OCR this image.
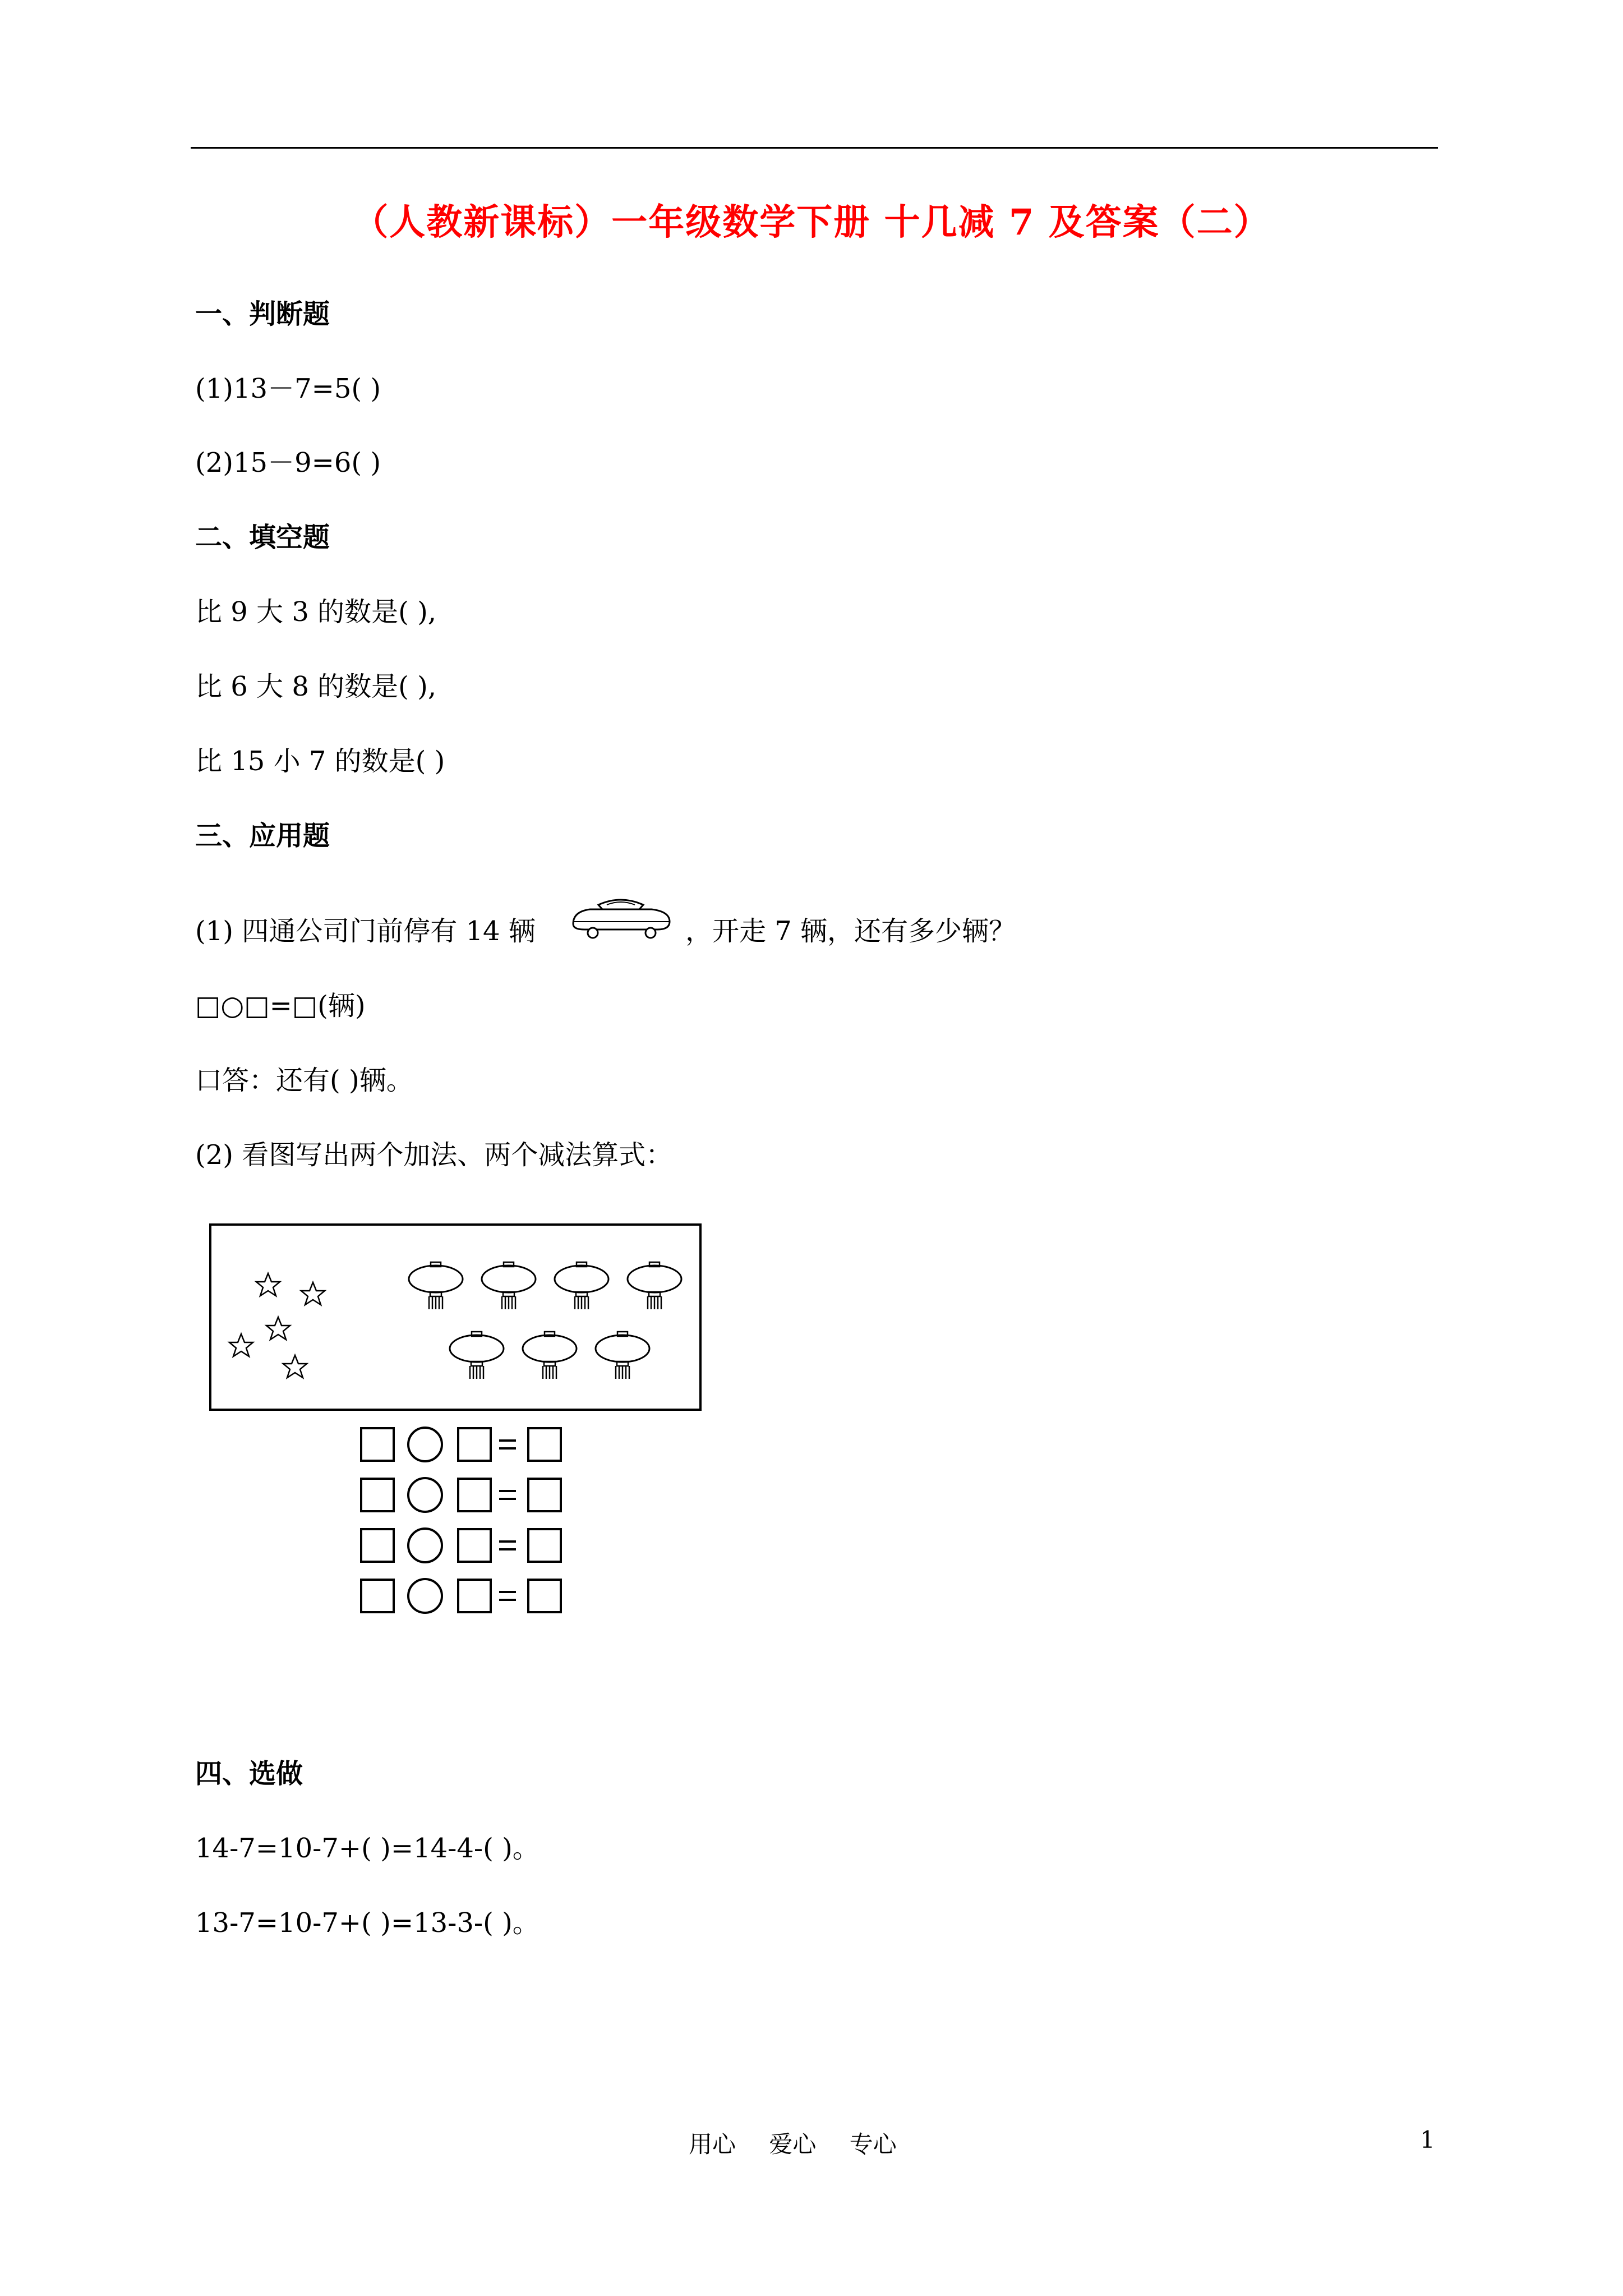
（人教新课标）一年级数学下册 十几减 7 及答案（二）
一、判断题
(1)13－7=5( )
(2)15－9=6( )
二、填空题
比 9 大 3 的数是( ),
比 6 大 8 的数是( ),
比 15 小 7 的数是( )
三、应用题
(1) 四通公司门前停有 14 辆	，开走 7 辆，还有多少辆？
□○□=□(辆)
口答：还有( )辆。
(2) 看图写出两个加法、两个减法算式：
四、选做
14-7=10-7+( )=14-4-( )。
13-7=10-7+( )=13-3-( )。
用心 爱心 专心	1
